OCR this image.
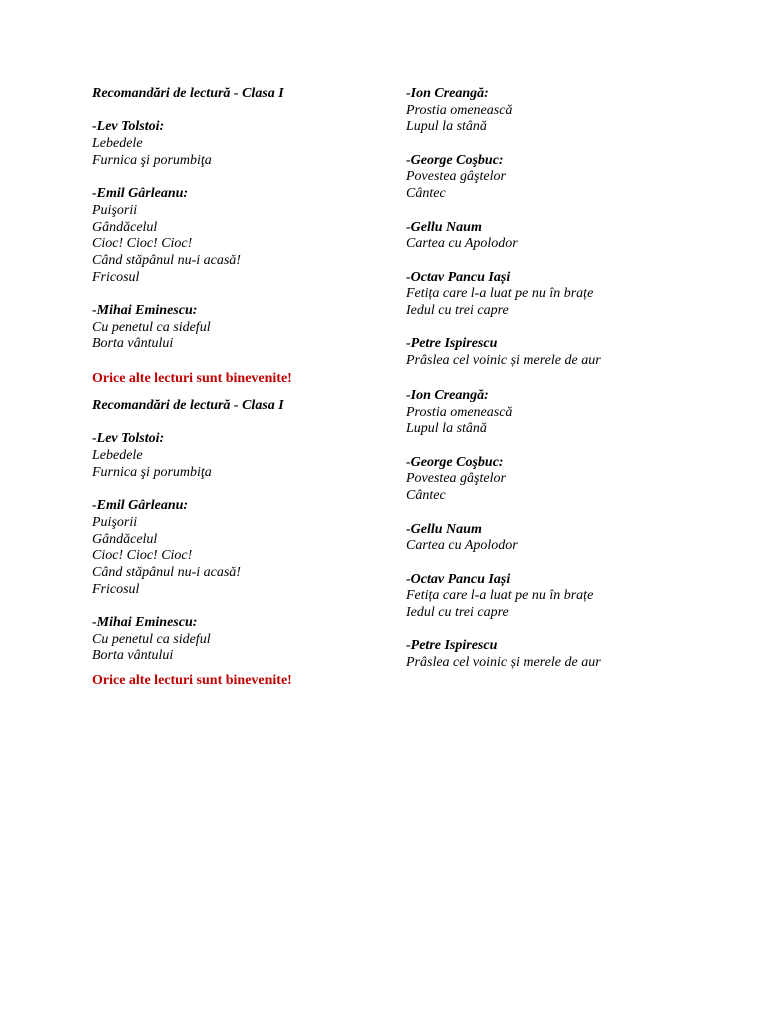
Recomandări de lectură - Clasa I
-Lev Tolstoi:
Lebedele
Furnica şi porumbiţa
-Emil Gârleanu:
Puişorii
Gândăcelul
Cioc! Cioc! Cioc!
Când stăpânul nu-i acasă!
Fricosul
-Mihai Eminescu:
Cu penetul ca sideful
Borta vântului
Orice alte lecturi sunt binevenite!
-Ion Creangă:
Prostia omenească
Lupul la stână
-George Coşbuc:
Povestea gâştelor
Cântec
-Gellu Naum
Cartea cu Apolodor
-Octav Pancu Iași
Fetița care l-a luat pe nu în brațe
Iedul cu trei capre
-Petre Ispirescu
Prâslea cel voinic și merele de aur
Recomandări de lectură - Clasa I
-Lev Tolstoi:
Lebedele
Furnica şi porumbiţa
-Emil Gârleanu:
Puişorii
Gândăcelul
Cioc! Cioc! Cioc!
Când stăpânul nu-i acasă!
Fricosul
-Mihai Eminescu:
Cu penetul ca sideful
Borta vântului
Orice alte lecturi sunt binevenite!
-Ion Creangă:
Prostia omenească
Lupul la stână
-George Coşbuc:
Povestea gâştelor
Cântec
-Gellu Naum
Cartea cu Apolodor
-Octav Pancu Iași
Fetița care l-a luat pe nu în brațe
Iedul cu trei capre
-Petre Ispirescu
Prâslea cel voinic și merele de aur
